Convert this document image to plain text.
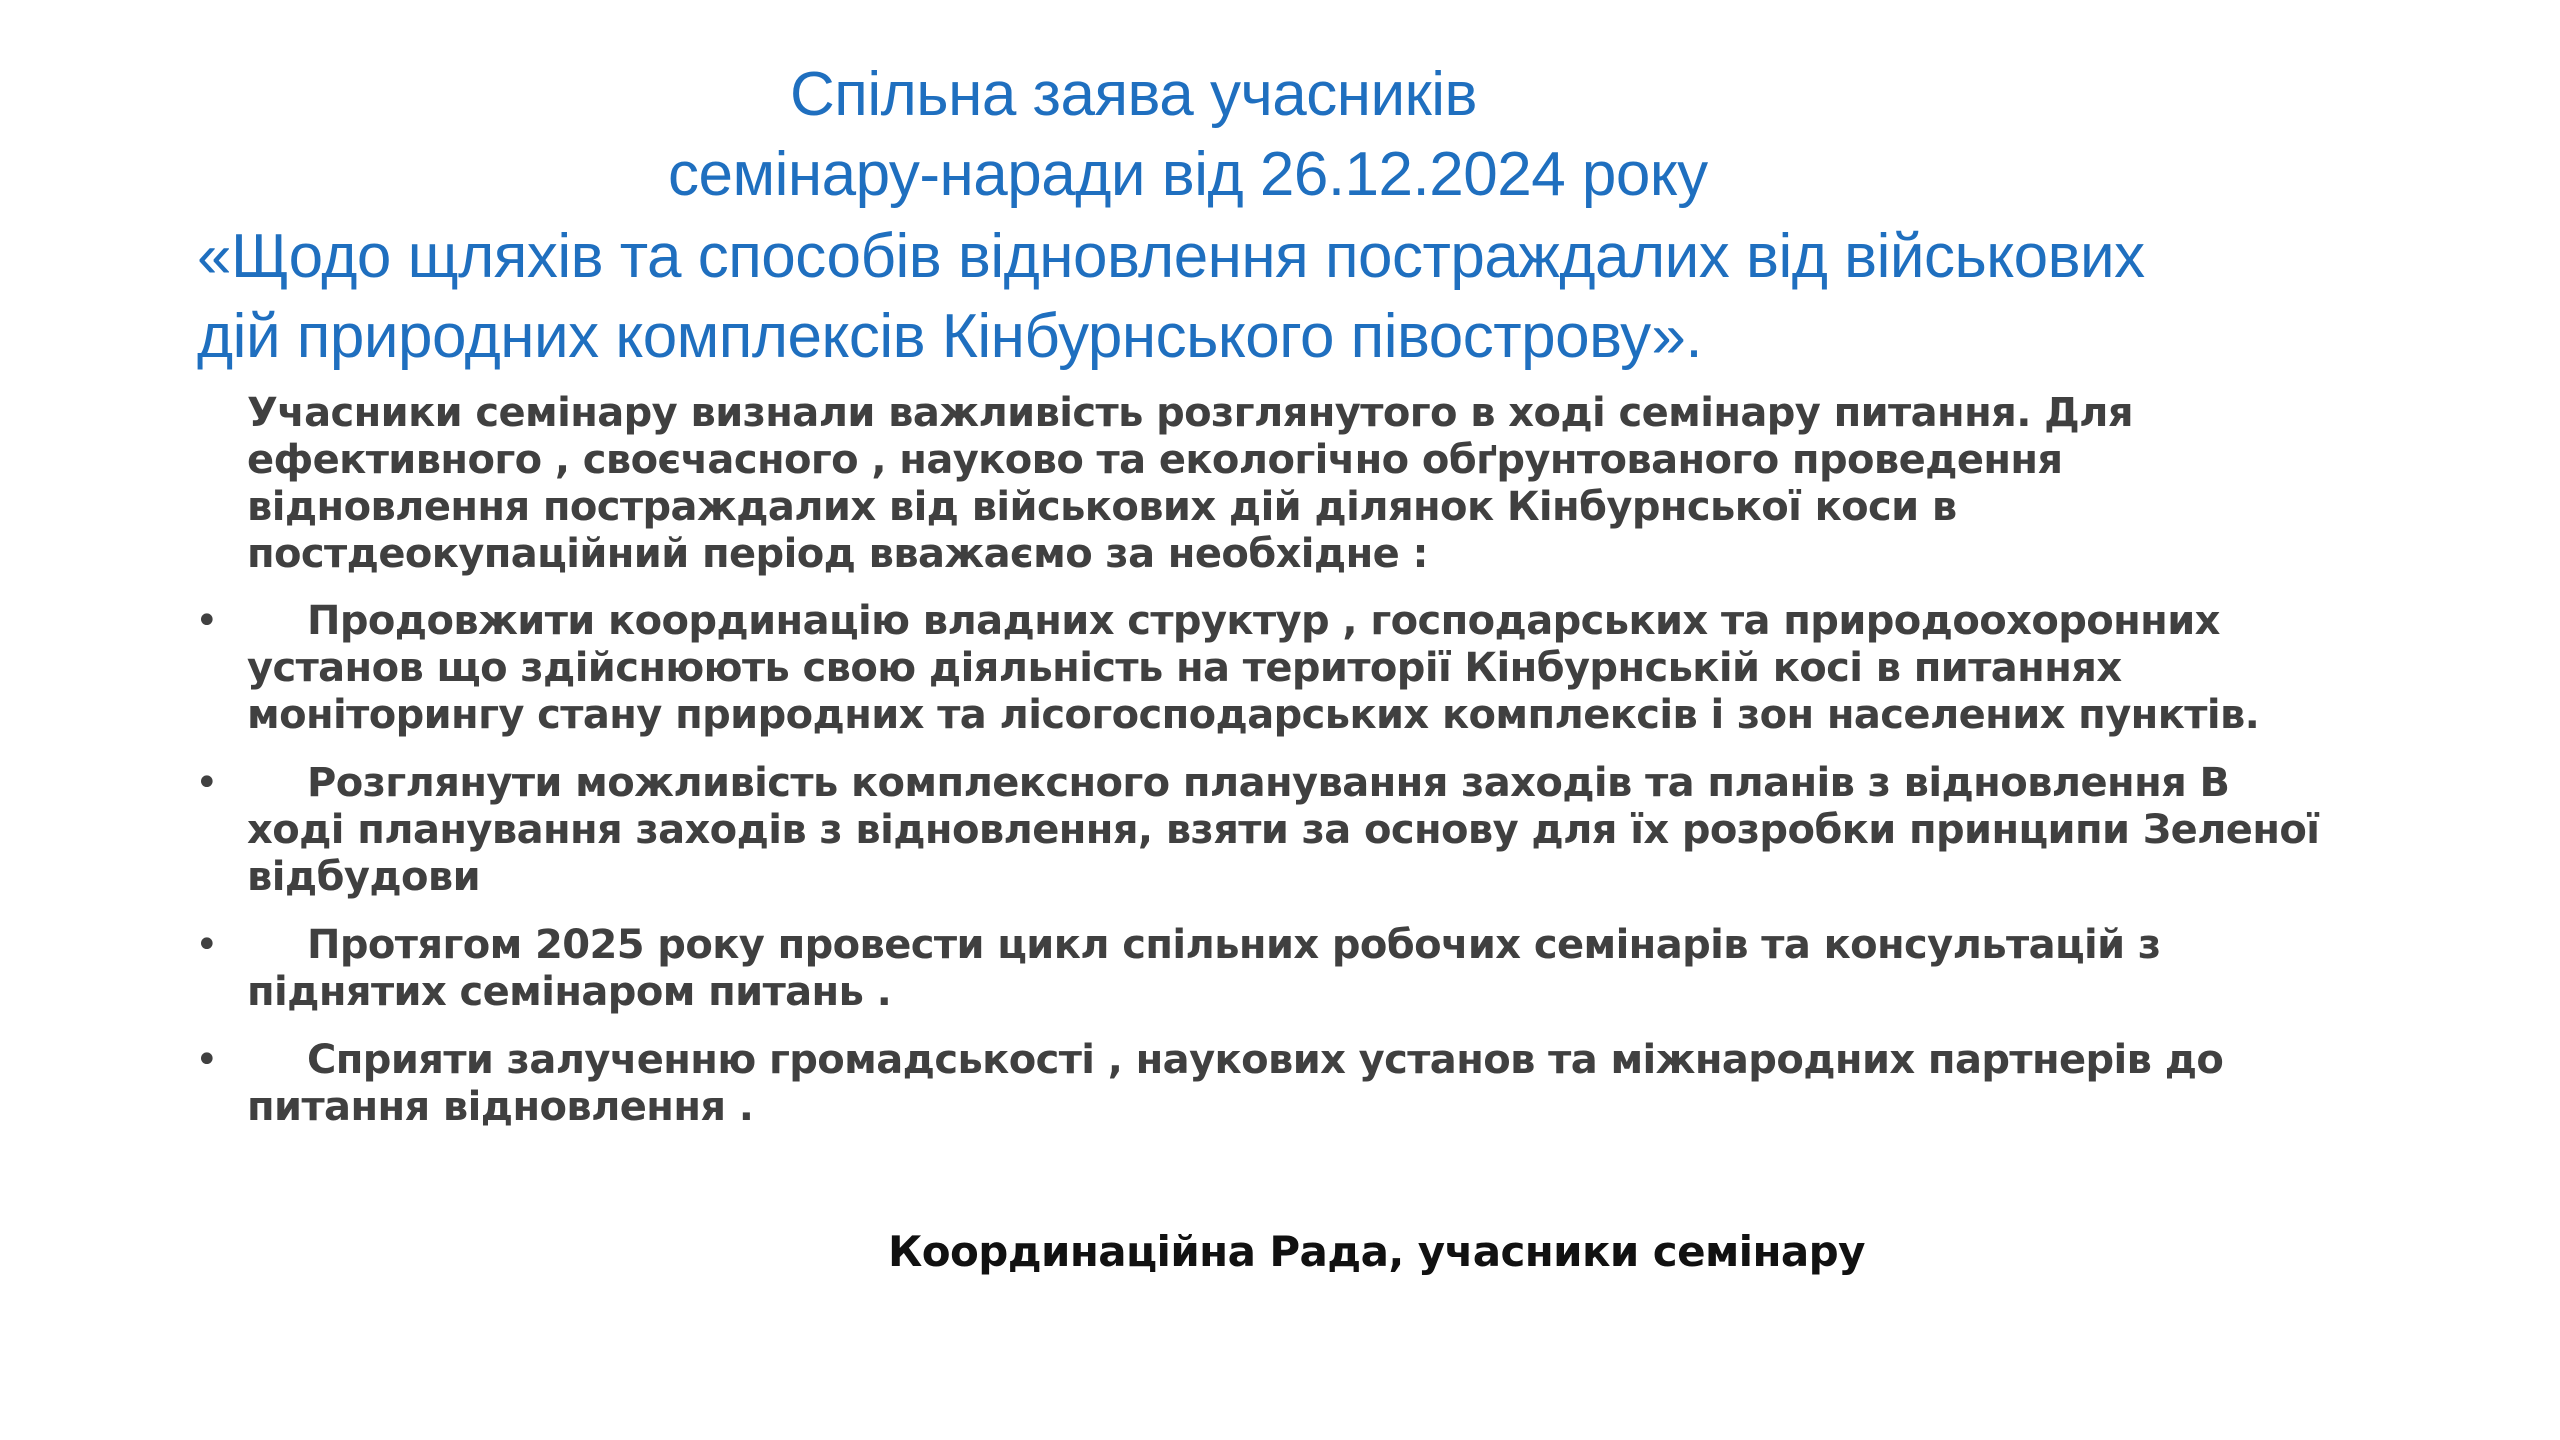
Спільна заява учасників
семінару-наради від 26.12.2024 року
«Щодо щляхів та способів відновлення постраждалих від військових
дій природних комплексів Кінбурнського півострову».
Учасники семінару визнали важливість розглянутого в ході семінару питання. Для
ефективного , своєчасного , науково та екологічно обґрунтованого проведення
відновлення постраждалих від військових дій ділянок Кінбурнської коси в
постдеокупаційний період вважаємо за необхідне :
•	Продовжити координацію владних структур , господарських та природоохоронних
установ що здійснюють свою діяльність на території Кінбурнській косі в питаннях
моніторингу стану природних та лісогосподарських комплексів і зон населених пунктів.
•	Розглянути можливість комплексного планування заходів та планів з відновлення В
ході планування заходів з відновлення, взяти за основу для їх розробки принципи Зеленої
відбудови
•	Протягом 2025 року провести цикл спільних робочих семінарів та консультацій з
піднятих семінаром питань .
•	Сприяти залученню громадськості , наукових установ та міжнародних партнерів до
питання відновлення .
Координаційна Рада, учасники семінару
